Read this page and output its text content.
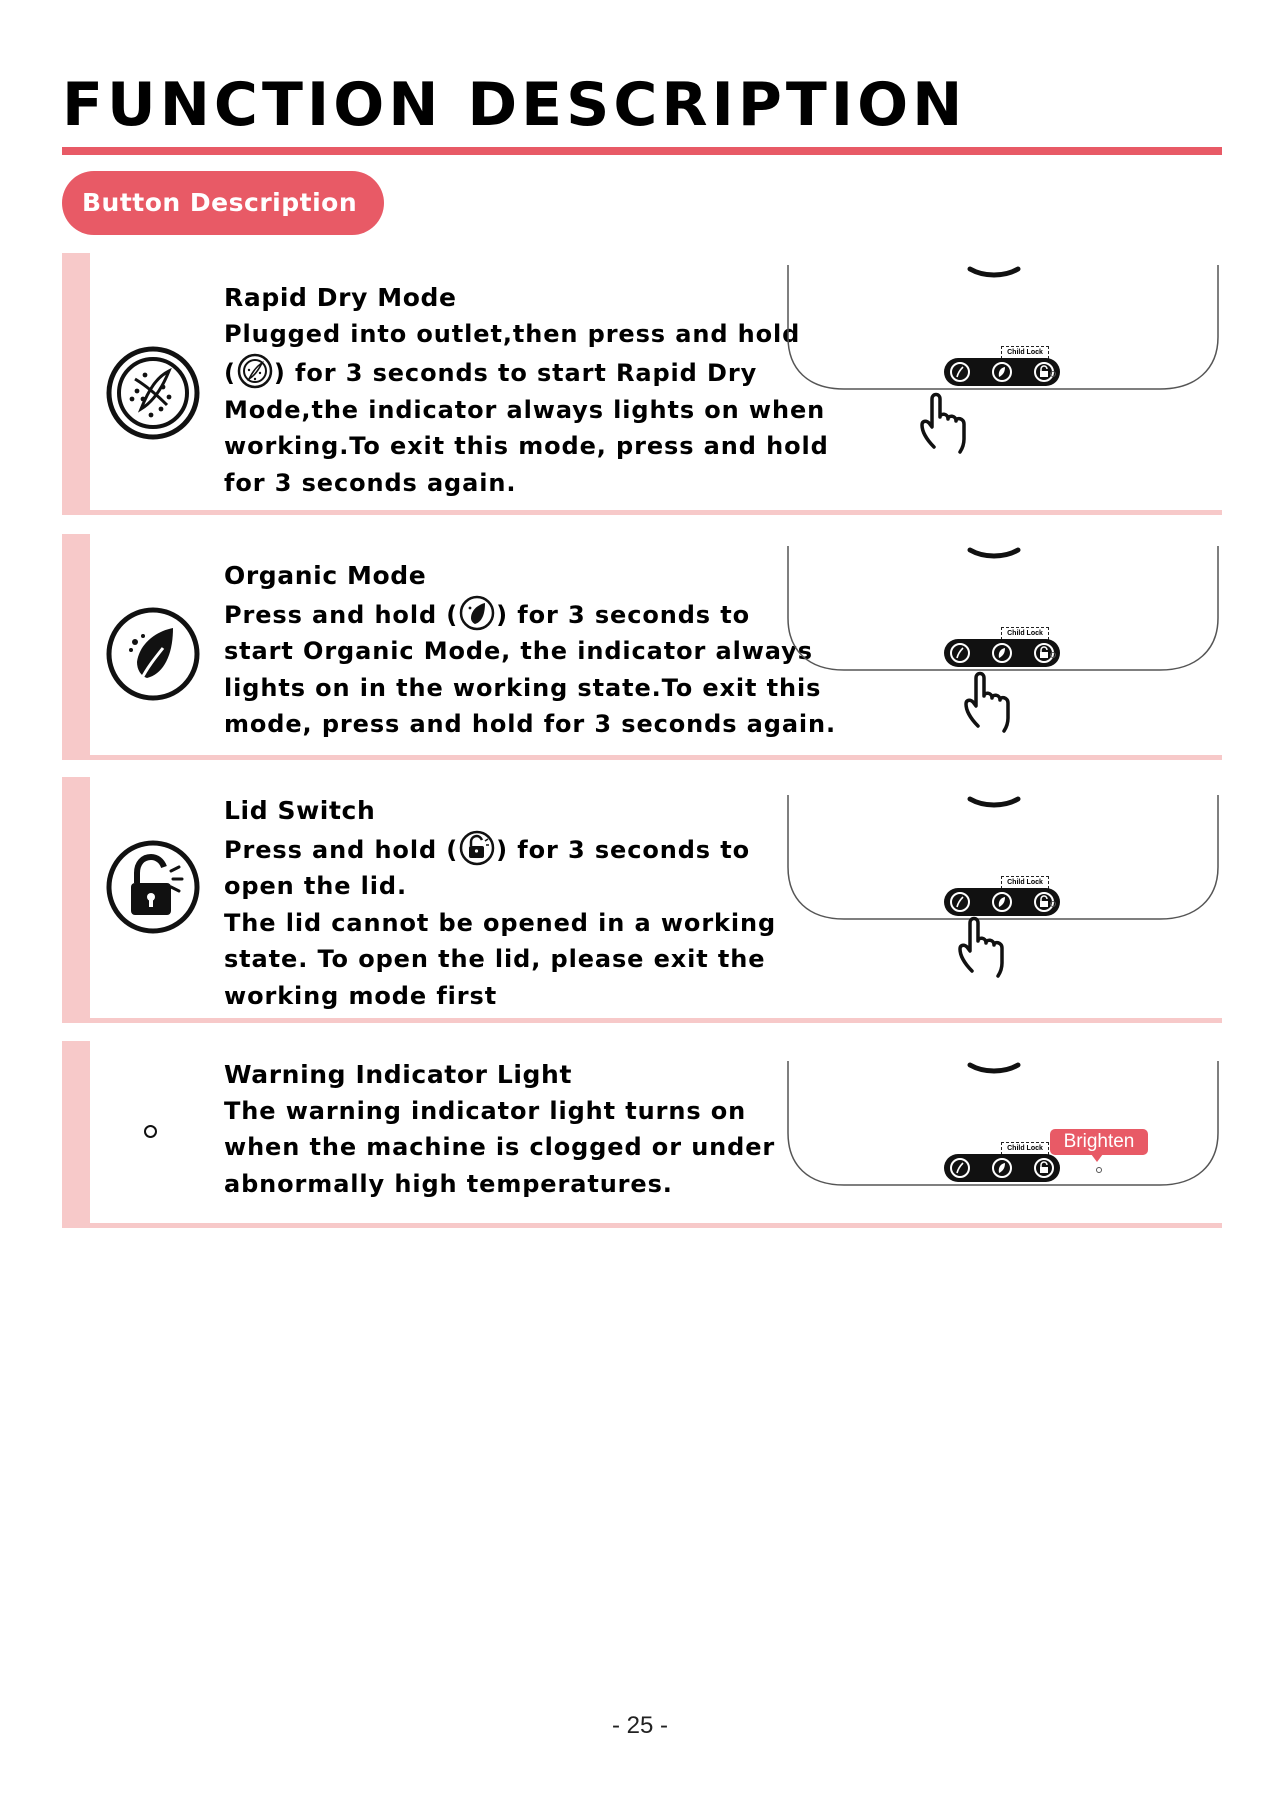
FUNCTION DESCRIPTION
Button Description
Rapid Dry Mode

Plugged into outlet,then press and hold

( ) for 3 seconds to start Rapid Dry

Mode,the indicator always lights on when

working.To exit this mode, press and hold

for 3 seconds again.

Child Lock
Organic Mode

Press and hold ( ) for 3 seconds to

start Organic Mode, the indicator always

lights on in the working state.To exit this

mode, press and hold for 3 seconds again.

Child Lock
Lid Switch

Press and hold ( ) for 3 seconds to

open the lid.

The lid cannot be opened in a working

state. To open the lid, please exit the

working mode first

Child Lock
Warning Indicator Light

The warning indicator light turns on

when the machine is clogged or under

abnormally high temperatures.

Child Lock	Brighten
- 25 -
